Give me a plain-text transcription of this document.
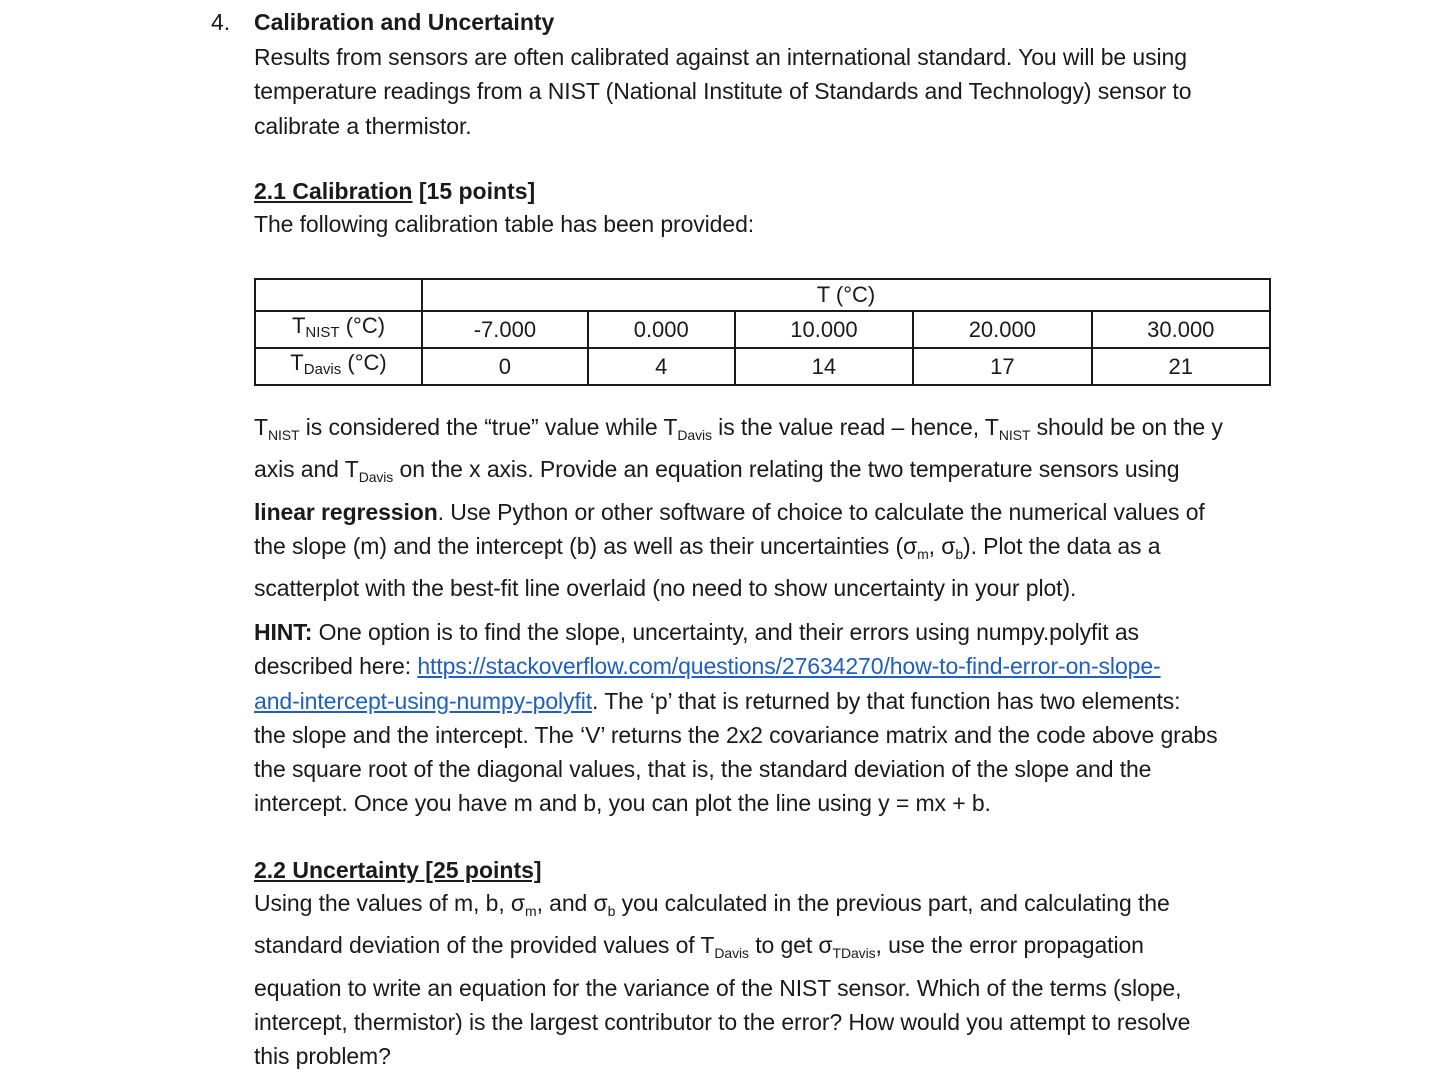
4. Calibration and Uncertainty

Results from sensors are often calibrated against an international standard. You will be using

temperature readings from a NIST (National Institute of Standards and Technology) sensor to

calibrate a thermistor.

2.1 Calibration [15 points]

The following calibration table has been provided:

	T (°C)				
TNIST (°C)	-7.000	0.000	10.000	20.000	30.000
TDavis (°C)	0	4	14	17	21

$T_{NIST}$ is considered the “true” value while $T_{Davis}$ is the value read – hence, $T_{NIST}$ should be on the y

axis and $T_{Davis}$ on the x axis. Provide an equation relating the two temperature sensors using

linear regression. Use Python or other software of choice to calculate the numerical values of

the slope (m) and the intercept (b) as well as their uncertainties ($\sigma_m$, $\sigma_b$). Plot the data as a

scatterplot with the best-fit line overlaid (no need to show uncertainty in your plot).

HINT: One option is to find the slope, uncertainty, and their errors using numpy.polyfit as

described here: https://stackoverflow.com/questions/27634270/how-to-find-error-on-slope-

and-intercept-using-numpy-polyfit. The ‘p’ that is returned by that function has two elements:

the slope and the intercept. The ‘V’ returns the 2x2 covariance matrix and the code above grabs

the square root of the diagonal values, that is, the standard deviation of the slope and the

intercept. Once you have m and b, you can plot the line using y = mx + b.

2.2 Uncertainty [25 points]

Using the values of m, b, $\sigma_m$, and $\sigma_b$ you calculated in the previous part, and calculating the

standard deviation of the provided values of $T_{Davis}$ to get $\sigma_{TDavis}$, use the error propagation

equation to write an equation for the variance of the NIST sensor. Which of the terms (slope,

intercept, thermistor) is the largest contributor to the error? How would you attempt to resolve

this problem?
